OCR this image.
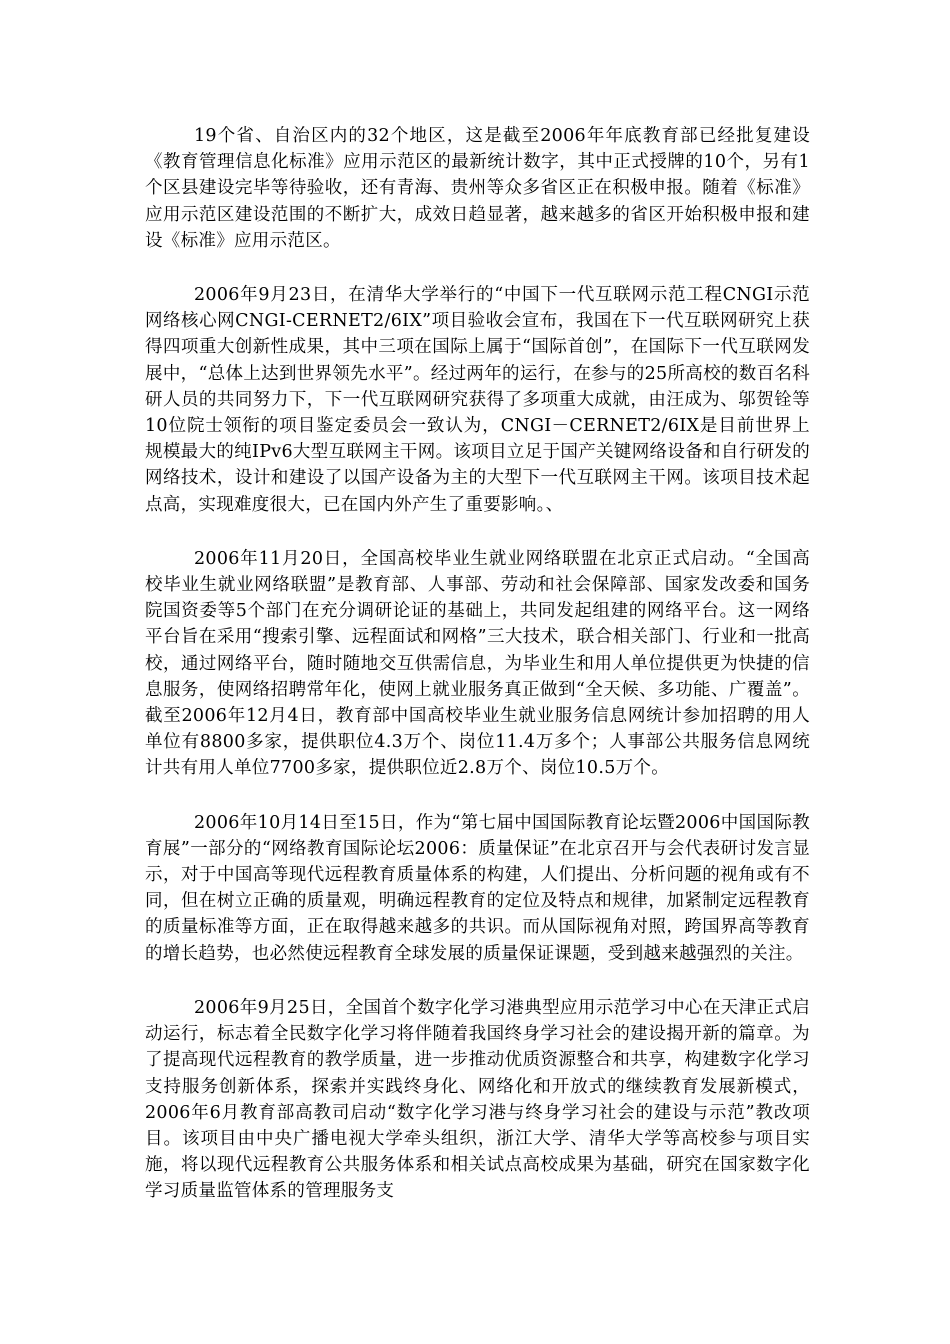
19个省、自治区内的32个地区，这是截至2006年年底教育部已经批复建设《教育管理信息化标准》应用示范区的最新统计数字，其中正式授牌的10个，另有1个区县建设完毕等待验收，还有青海、贵州等众多省区正在积极申报。随着《标准》应用示范区建设范围的不断扩大，成效日趋显著，越来越多的省区开始积极申报和建设《标准》应用示范区。

2006年9月23日，在清华大学举行的“中国下一代互联网示范工程CNGI示范网络核心网CNGI-CERNET2/6IX”项目验收会宣布，我国在下一代互联网研究上获得四项重大创新性成果，其中三项在国际上属于“国际首创”，在国际下一代互联网发展中，“总体上达到世界领先水平”。经过两年的运行，在参与的25所高校的数百名科研人员的共同努力下，下一代互联网研究获得了多项重大成就，由汪成为、邬贺铨等10位院士领衔的项目鉴定委员会一致认为，CNGI－CERNET2/6IX是目前世界上规模最大的纯IPv6大型互联网主干网。该项目立足于国产关键网络设备和自行研发的网络技术，设计和建设了以国产设备为主的大型下一代互联网主干网。该项目技术起点高，实现难度很大，已在国内外产生了重要影响。、

2006年11月20日，全国高校毕业生就业网络联盟在北京正式启动。“全国高校毕业生就业网络联盟”是教育部、人事部、劳动和社会保障部、国家发改委和国务院国资委等5个部门在充分调研论证的基础上，共同发起组建的网络平台。这一网络平台旨在采用“搜索引擎、远程面试和网格”三大技术，联合相关部门、行业和一批高校，通过网络平台，随时随地交互供需信息，为毕业生和用人单位提供更为快捷的信息服务，使网络招聘常年化，使网上就业服务真正做到“全天候、多功能、广覆盖”。截至2006年12月4日，教育部中国高校毕业生就业服务信息网统计参加招聘的用人单位有8800多家，提供职位4.3万个、岗位11.4万多个；人事部公共服务信息网统计共有用人单位7700多家，提供职位近2.8万个、岗位10.5万个。

2006年10月14日至15日，作为“第七届中国国际教育论坛暨2006中国国际教育展”一部分的“网络教育国际论坛2006：质量保证”在北京召开与会代表研讨发言显示，对于中国高等现代远程教育质量体系的构建，人们提出、分析问题的视角或有不同，但在树立正确的质量观，明确远程教育的定位及特点和规律，加紧制定远程教育的质量标准等方面，正在取得越来越多的共识。而从国际视角对照，跨国界高等教育的增长趋势，也必然使远程教育全球发展的质量保证课题，受到越来越强烈的关注。

2006年9月25日，全国首个数字化学习港典型应用示范学习中心在天津正式启动运行，标志着全民数字化学习将伴随着我国终身学习社会的建设揭开新的篇章。为了提高现代远程教育的教学质量，进一步推动优质资源整合和共享，构建数字化学习支持服务创新体系，探索并实践终身化、网络化和开放式的继续教育发展新模式，2006年6月教育部高教司启动“数字化学习港与终身学习社会的建设与示范”教改项目。该项目由中央广播电视大学牵头组织，浙江大学、清华大学等高校参与项目实施，将以现代远程教育公共服务体系和相关试点高校成果为基础，研究在国家数字化学习质量监管体系的管理服务支
